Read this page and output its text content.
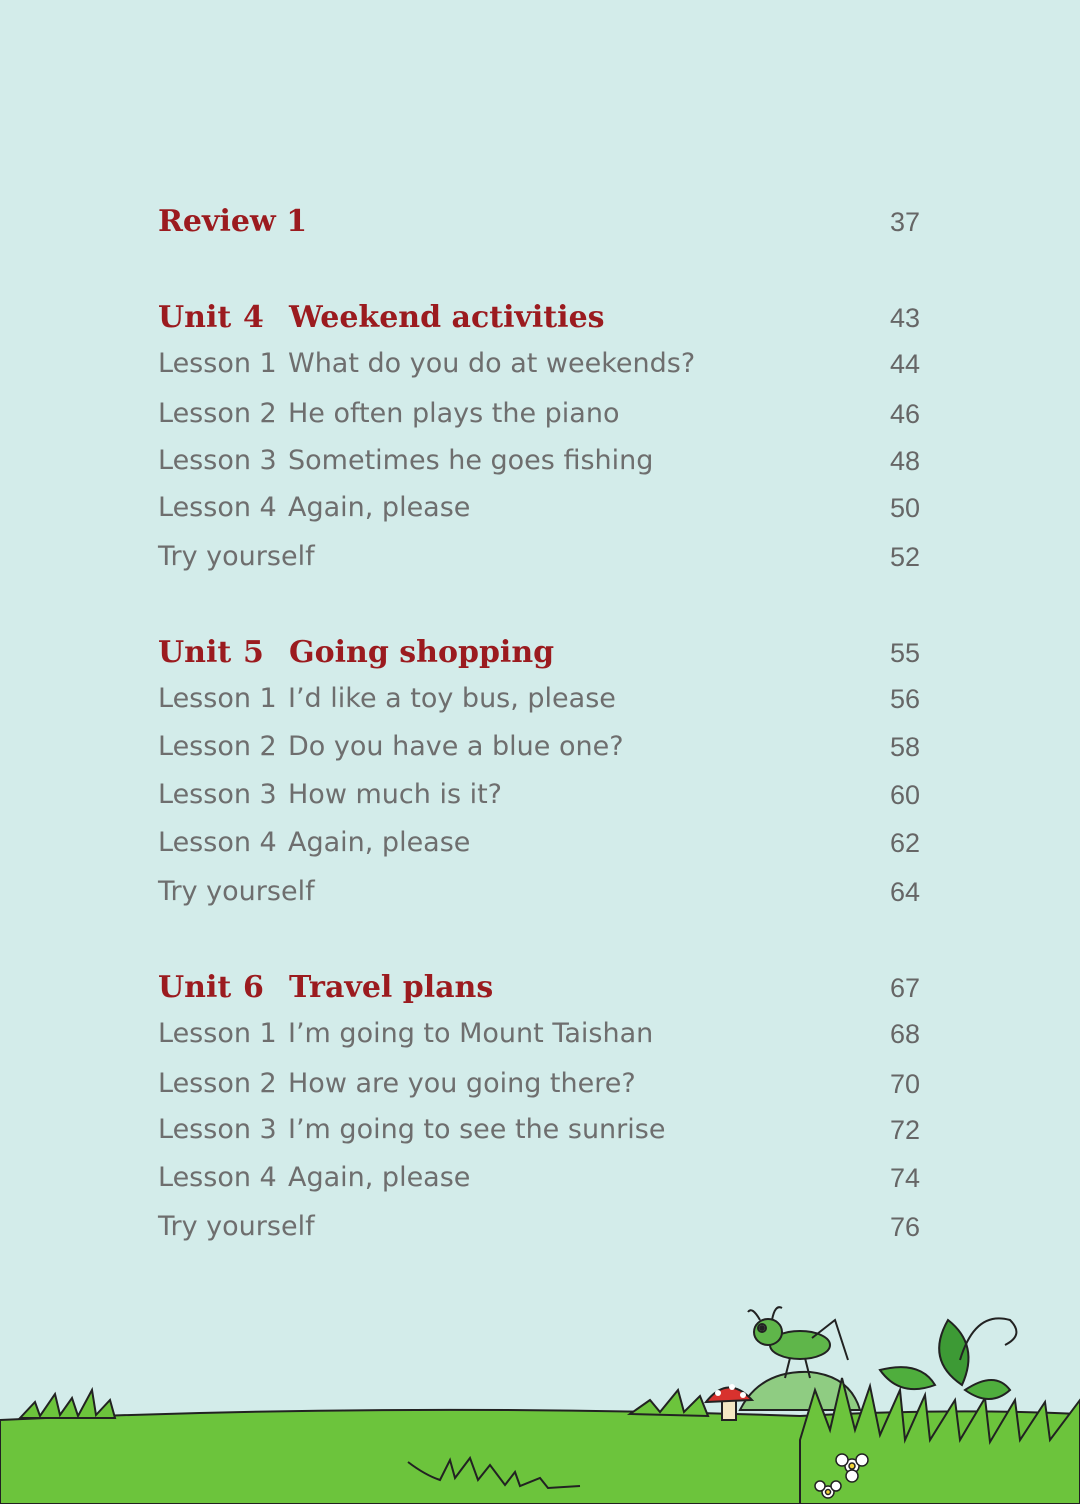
Review 1	37
Unit 4 Weekend activities	43
Lesson 1 What do you do at weekends?	44
Lesson 2 He often plays the piano	46
Lesson 3 Sometimes he goes fishing	48
Lesson 4 Again, please	50
Try yourself	52
Unit 5 Going shopping	55
Lesson 1 I’d like a toy bus, please	56
Lesson 2 Do you have a blue one?	58
Lesson 3 How much is it?	60
Lesson 4 Again, please	62
Try yourself	64
Unit 6 Travel plans	67
Lesson 1 I’m going to Mount Taishan	68
Lesson 2 How are you going there?	70
Lesson 3 I’m going to see the sunrise	72
Lesson 4 Again, please	74
Try yourself	76
